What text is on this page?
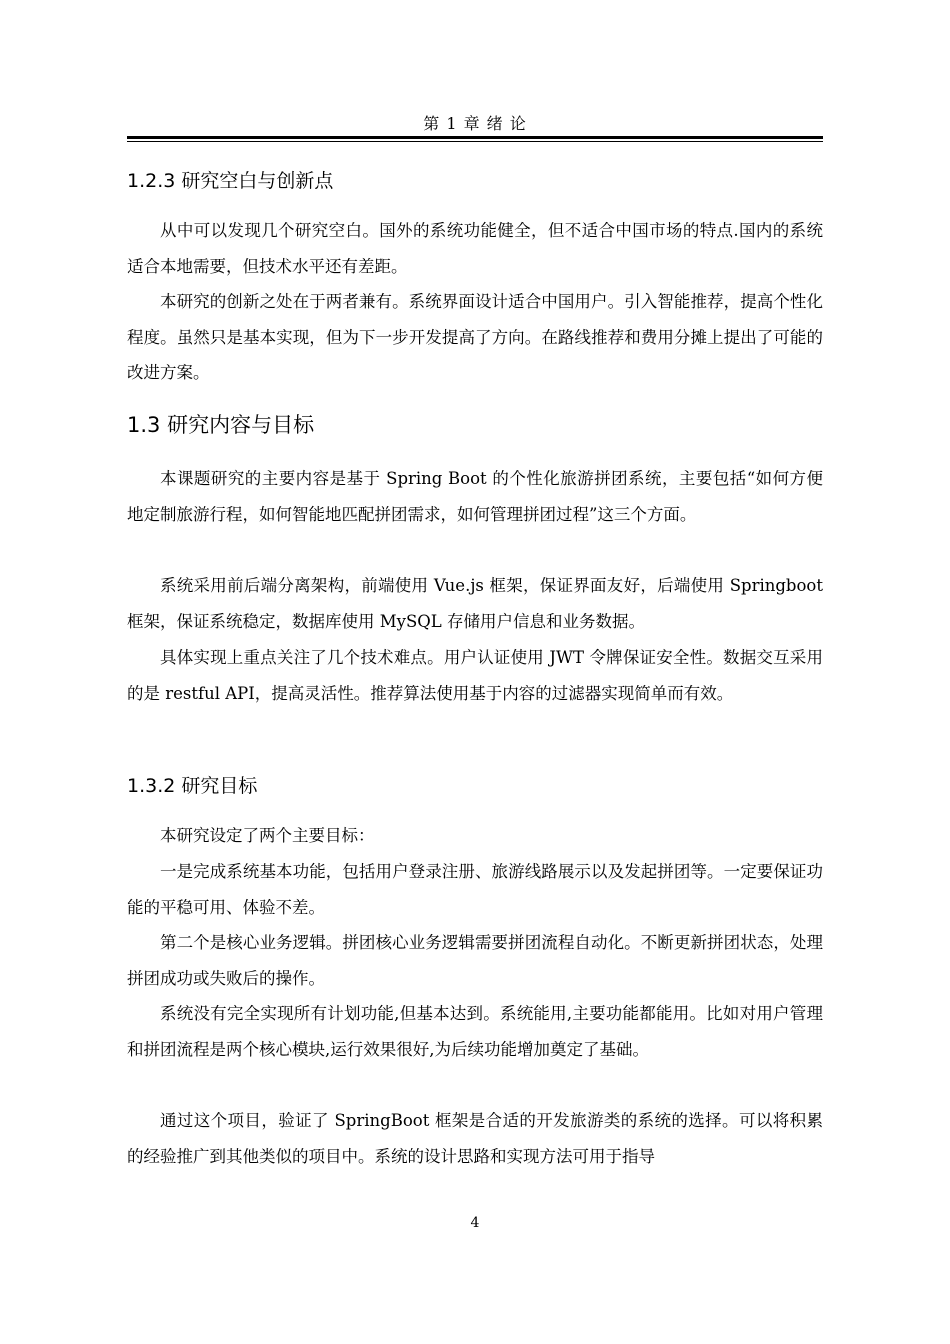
第 1 章 绪 论
1.2.3 研究空白与创新点

从中可以发现几个研究空白。国外的系统功能健全，但不适合中国市场的特点.国内的系统适合本地需要，但技术水平还有差距。

本研究的创新之处在于两者兼有。系统界面设计适合中国用户。引入智能推荐，提高个性化程度。虽然只是基本实现，但为下一步开发提高了方向。在路线推荐和费用分摊上提出了可能的改进方案。

1.3 研究内容与目标

本课题研究的主要内容是基于 Spring Boot 的个性化旅游拼团系统，主要包括“如何方便地定制旅游行程，如何智能地匹配拼团需求，如何管理拼团过程”这三个方面。

系统采用前后端分离架构，前端使用 Vue.js 框架，保证界面友好，后端使用 Springboot 框架，保证系统稳定，数据库使用 MySQL 存储用户信息和业务数据。

具体实现上重点关注了几个技术难点。用户认证使用 JWT 令牌保证安全性。数据交互采用的是 restful API，提高灵活性。推荐算法使用基于内容的过滤器实现简单而有效。

1.3.2 研究目标

本研究设定了两个主要目标：

一是完成系统基本功能，包括用户登录注册、旅游线路展示以及发起拼团等。一定要保证功能的平稳可用、体验不差。

第二个是核心业务逻辑。拼团核心业务逻辑需要拼团流程自动化。不断更新拼团状态，处理拼团成功或失败后的操作。

系统没有完全实现所有计划功能,但基本达到。系统能用,主要功能都能用。比如对用户管理和拼团流程是两个核心模块,运行效果很好,为后续功能增加奠定了基础。

通过这个项目，验证了 SpringBoot 框架是合适的开发旅游类的系统的选择。可以将积累的经验推广到其他类似的项目中。系统的设计思路和实现方法可用于指导

4
